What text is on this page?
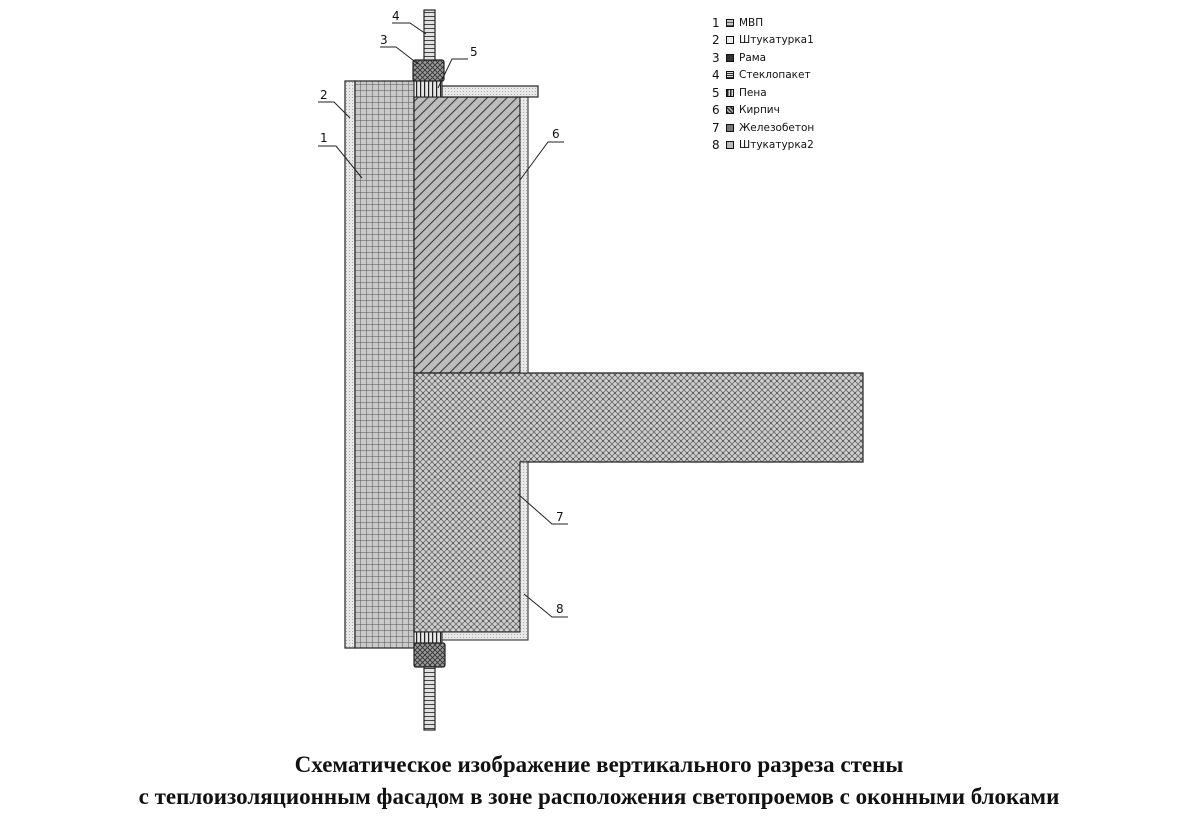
1
2
3
4
5
6
7
8
1	МВП
2	Штукатурка1
3	Рама
4	Стеклопакет
5	Пена
6	Кирпич
7	Железобетон
8	Штукатурка2
Схематическое изображение вертикального разреза стены
с теплоизоляционным фасадом в зоне расположения светопроемов с оконными блоками
